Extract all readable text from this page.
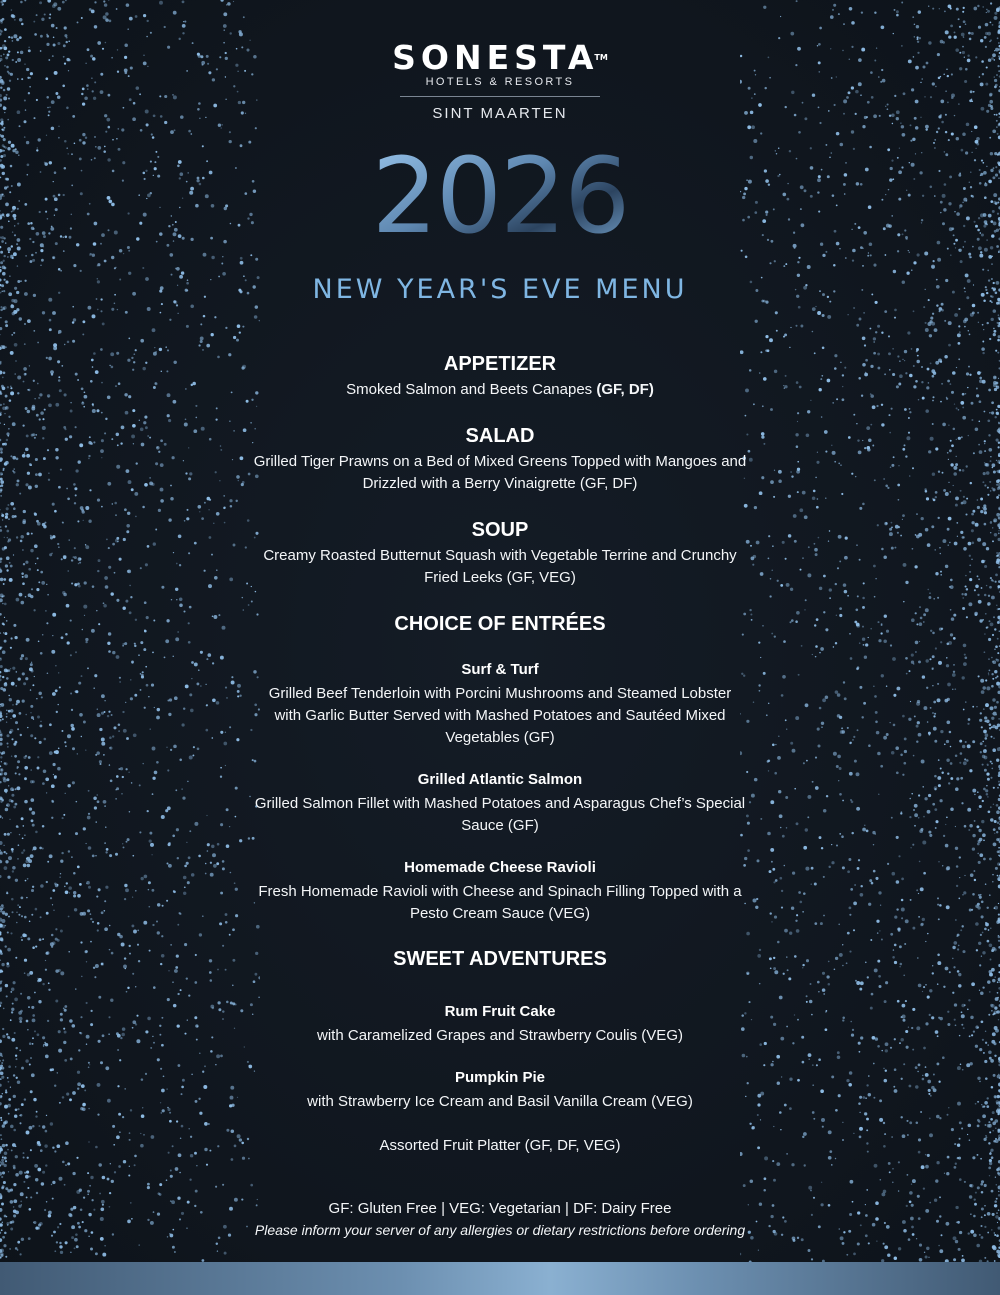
SONESTA™
HOTELS & RESORTS
SINT MAARTEN
2026
NEW YEAR'S EVE MENU
APPETIZER
Smoked Salmon and Beets Canapes (GF, DF)
SALAD
Grilled Tiger Prawns on a Bed of Mixed Greens Topped with Mangoes and
Drizzled with a Berry Vinaigrette (GF, DF)
SOUP
Creamy Roasted Butternut Squash with Vegetable Terrine and Crunchy
Fried Leeks (GF, VEG)
CHOICE OF ENTRÉES
Surf & Turf
Grilled Beef Tenderloin with Porcini Mushrooms and Steamed Lobster
with Garlic Butter Served with Mashed Potatoes and Sautéed Mixed
Vegetables (GF)
Grilled Atlantic Salmon
Grilled Salmon Fillet with Mashed Potatoes and Asparagus Chef’s Special
Sauce (GF)
Homemade Cheese Ravioli
Fresh Homemade Ravioli with Cheese and Spinach Filling Topped with a
Pesto Cream Sauce (VEG)
SWEET ADVENTURES
Rum Fruit Cake
with Caramelized Grapes and Strawberry Coulis (VEG)
Pumpkin Pie
with Strawberry Ice Cream and Basil Vanilla Cream (VEG)
Assorted Fruit Platter (GF, DF, VEG)
GF: Gluten Free | VEG: Vegetarian | DF: Dairy Free
Please inform your server of any allergies or dietary restrictions before ordering
